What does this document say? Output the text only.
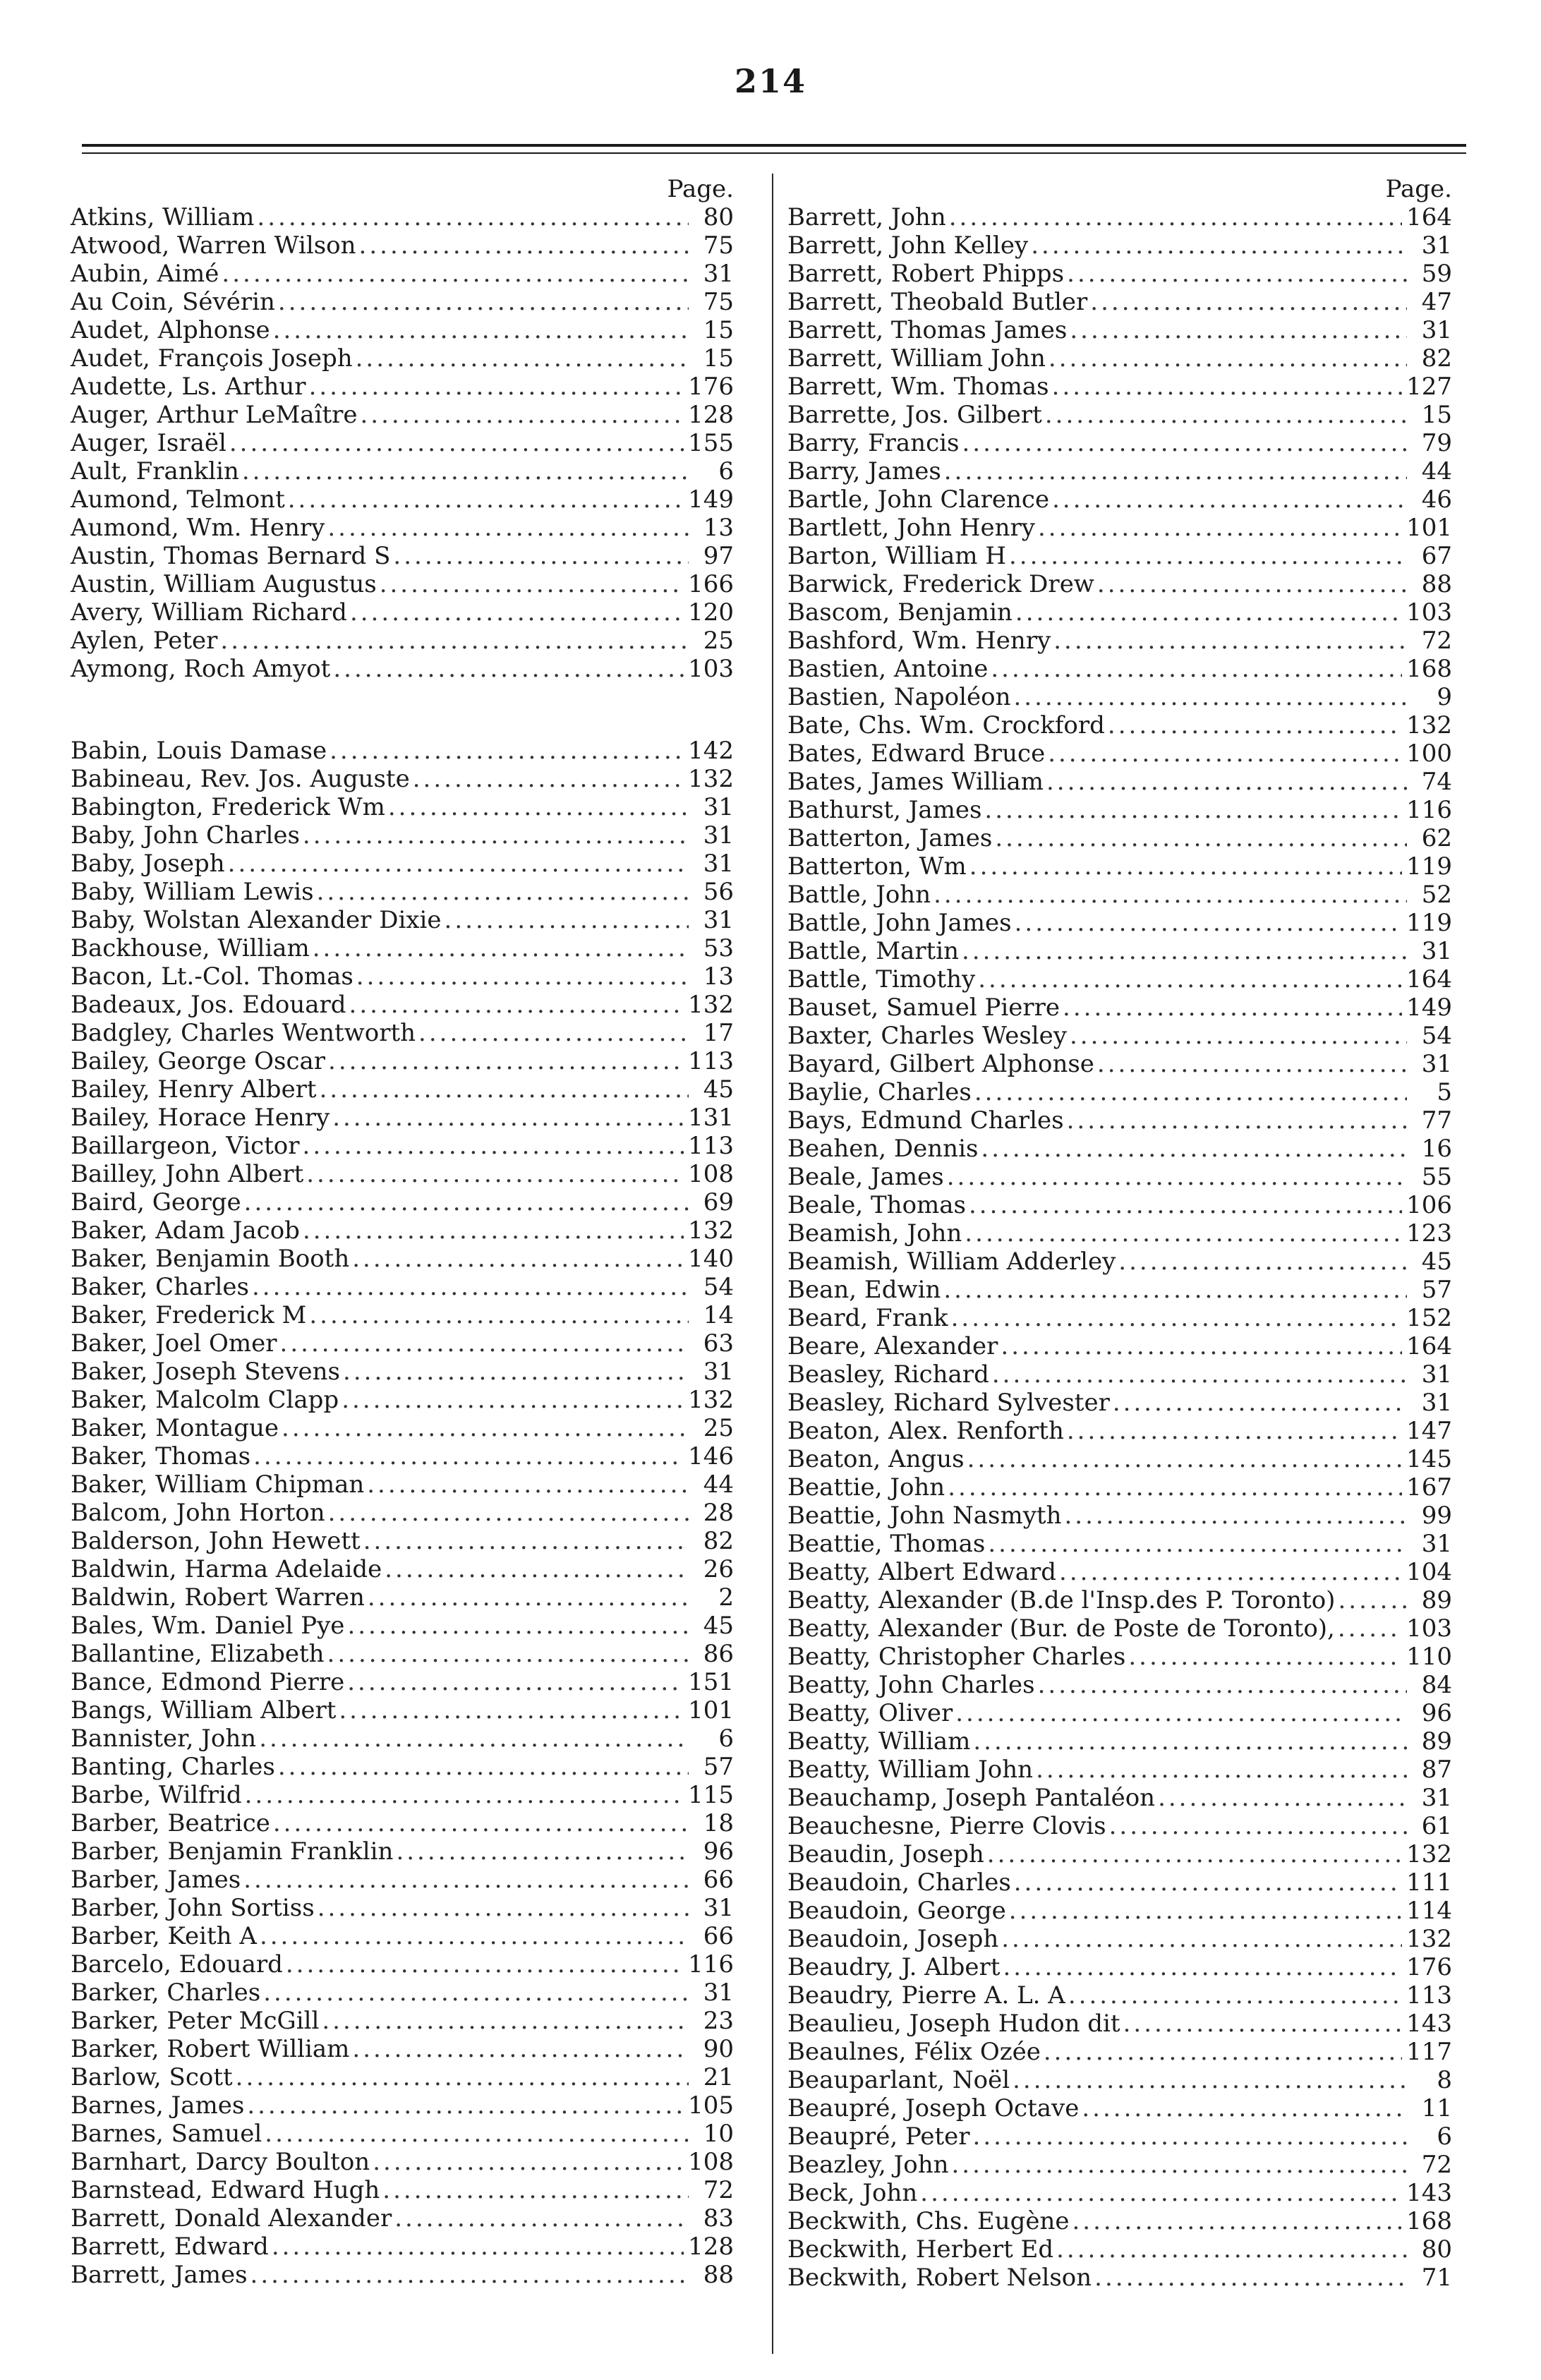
214
Page.
Atkins, William .....	80
Atwood, Warren Wilson .....	75
Aubin, Aimé .....	31
Au Coin, Sévérin .....	75
Audet, Alphonse .....	15
Audet, François Joseph .....	15
Audette, Ls. Arthur .....	176
Auger, Arthur LeMaître .....	128
Auger, Israël .....	155
Ault, Franklin .....	6
Aumond, Telmont .....	149
Aumond, Wm. Henry .....	13
Austin, Thomas Bernard S .....	97
Austin, William Augustus .....	166
Avery, William Richard .....	120
Aylen, Peter .....	25
Aymong, Roch Amyot .....	103
Babin, Louis Damase .....	142
Babineau, Rev. Jos. Auguste .....	132
Babington, Frederick Wm .....	31
Baby, John Charles .....	31
Baby, Joseph .....	31
Baby, William Lewis .....	56
Baby, Wolstan Alexander Dixie .....	31
Backhouse, William .....	53
Bacon, Lt.-Col. Thomas .....	13
Badeaux, Jos. Edouard .....	132
Badgley, Charles Wentworth .....	17
Bailey, George Oscar .....	113
Bailey, Henry Albert .....	45
Bailey, Horace Henry .....	131
Baillargeon, Victor .....	113
Bailley, John Albert .....	108
Baird, George .....	69
Baker, Adam Jacob .....	132
Baker, Benjamin Booth .....	140
Baker, Charles .....	54
Baker, Frederick M .....	14
Baker, Joel Omer .....	63
Baker, Joseph Stevens .....	31
Baker, Malcolm Clapp .....	132
Baker, Montague .....	25
Baker, Thomas .....	146
Baker, William Chipman .....	44
Balcom, John Horton .....	28
Balderson, John Hewett .....	82
Baldwin, Harma Adelaide .....	26
Baldwin, Robert Warren .....	2
Bales, Wm. Daniel Pye .....	45
Ballantine, Elizabeth .....	86
Bance, Edmond Pierre .....	151
Bangs, William Albert .....	101
Bannister, John .....	6
Banting, Charles .....	57
Barbe, Wilfrid .....	115
Barber, Beatrice .....	18
Barber, Benjamin Franklin .....	96
Barber, James .....	66
Barber, John Sortiss .....	31
Barber, Keith A .....	66
Barcelo, Edouard .....	116
Barker, Charles .....	31
Barker, Peter McGill .....	23
Barker, Robert William .....	90
Barlow, Scott .....	21
Barnes, James .....	105
Barnes, Samuel .....	10
Barnhart, Darcy Boulton .....	108
Barnstead, Edward Hugh .....	72
Barrett, Donald Alexander .....	83
Barrett, Edward .....	128
Barrett, James .....	88
Page.
Barrett, John .....	164
Barrett, John Kelley .....	31
Barrett, Robert Phipps .....	59
Barrett, Theobald Butler .....	47
Barrett, Thomas James .....	31
Barrett, William John .....	82
Barrett, Wm. Thomas .....	127
Barrette, Jos. Gilbert .....	15
Barry, Francis .....	79
Barry, James .....	44
Bartle, John Clarence .....	46
Bartlett, John Henry .....	101
Barton, William H .....	67
Barwick, Frederick Drew .....	88
Bascom, Benjamin .....	103
Bashford, Wm. Henry .....	72
Bastien, Antoine .....	168
Bastien, Napoléon .....	9
Bate, Chs. Wm. Crockford .....	132
Bates, Edward Bruce .....	100
Bates, James William .....	74
Bathurst, James .....	116
Batterton, James .....	62
Batterton, Wm .....	119
Battle, John .....	52
Battle, John James .....	119
Battle, Martin .....	31
Battle, Timothy .....	164
Bauset, Samuel Pierre .....	149
Baxter, Charles Wesley .....	54
Bayard, Gilbert Alphonse .....	31
Baylie, Charles .....	5
Bays, Edmund Charles .....	77
Beahen, Dennis .....	16
Beale, James .....	55
Beale, Thomas .....	106
Beamish, John .....	123
Beamish, William Adderley .....	45
Bean, Edwin .....	57
Beard, Frank .....	152
Beare, Alexander .....	164
Beasley, Richard .....	31
Beasley, Richard Sylvester .....	31
Beaton, Alex. Renforth .....	147
Beaton, Angus .....	145
Beattie, John .....	167
Beattie, John Nasmyth .....	99
Beattie, Thomas .....	31
Beatty, Albert Edward .....	104
Beatty, Alexander (B.de l'Insp.des P. Toronto) .....	89
Beatty, Alexander (Bur. de Poste de Toronto), .....	103
Beatty, Christopher Charles .....	110
Beatty, John Charles .....	84
Beatty, Oliver .....	96
Beatty, William .....	89
Beatty, William John .....	87
Beauchamp, Joseph Pantaléon .....	31
Beauchesne, Pierre Clovis .....	61
Beaudin, Joseph .....	132
Beaudoin, Charles .....	111
Beaudoin, George .....	114
Beaudoin, Joseph .....	132
Beaudry, J. Albert .....	176
Beaudry, Pierre A. L. A .....	113
Beaulieu, Joseph Hudon dit .....	143
Beaulnes, Félix Ozée .....	117
Beauparlant, Noël .....	8
Beaupré, Joseph Octave .....	11
Beaupré, Peter .....	6
Beazley, John .....	72
Beck, John .....	143
Beckwith, Chs. Eugène .....	168
Beckwith, Herbert Ed .....	80
Beckwith, Robert Nelson .....	71
